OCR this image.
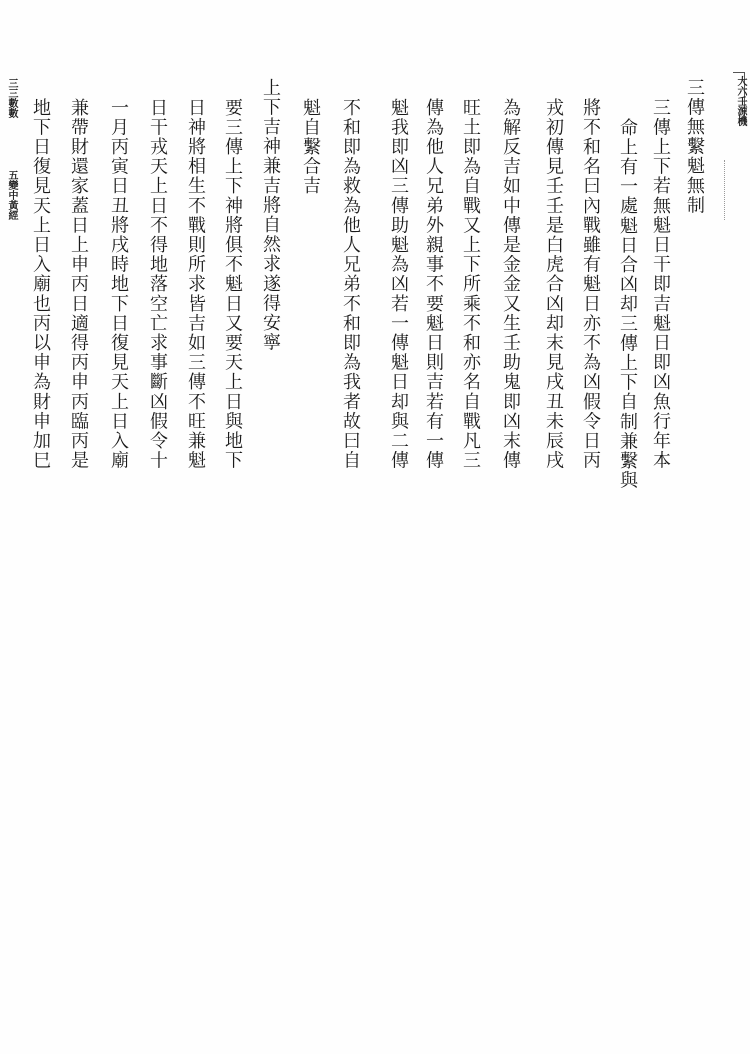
大六壬源機
三三數數
五變中黃經	三傳無繫魁無制
三傳上下若無魁日干即吉魁日即凶魚行年本
命上有一處魁日合凶却三傳上下自制兼繫與
將不和名曰內戰雖有魁日亦不為凶假令日丙
戎初傳見壬壬是白虎合凶却末見戌丑未辰戌
為解反吉如中傳是金金又生壬助鬼即凶末傳
旺土即為自戰又上下所乘不和亦名自戰凡三
傳為他人兄弟外親事不要魁日則吉若有一傳
魁我即凶三傳助魁為凶若一傳魁日却與二傳
不和即為救為他人兄弟不和即為我者故曰自
魁自繫合吉
上下吉神兼吉將自然求遂得安寧
要三傳上下神將俱不魁日又要天上日與地下
日神將相生不戰則所求皆吉如三傳不旺兼魁
日干戎天上日不得地落空亡求事斷凶假令十
一月丙寅日丑將戌時地下日復見天上日入廟
兼帶財還家蓋日上申丙日適得丙申丙臨丙是
地下日復見天上日入廟也丙以申為財申加巳
